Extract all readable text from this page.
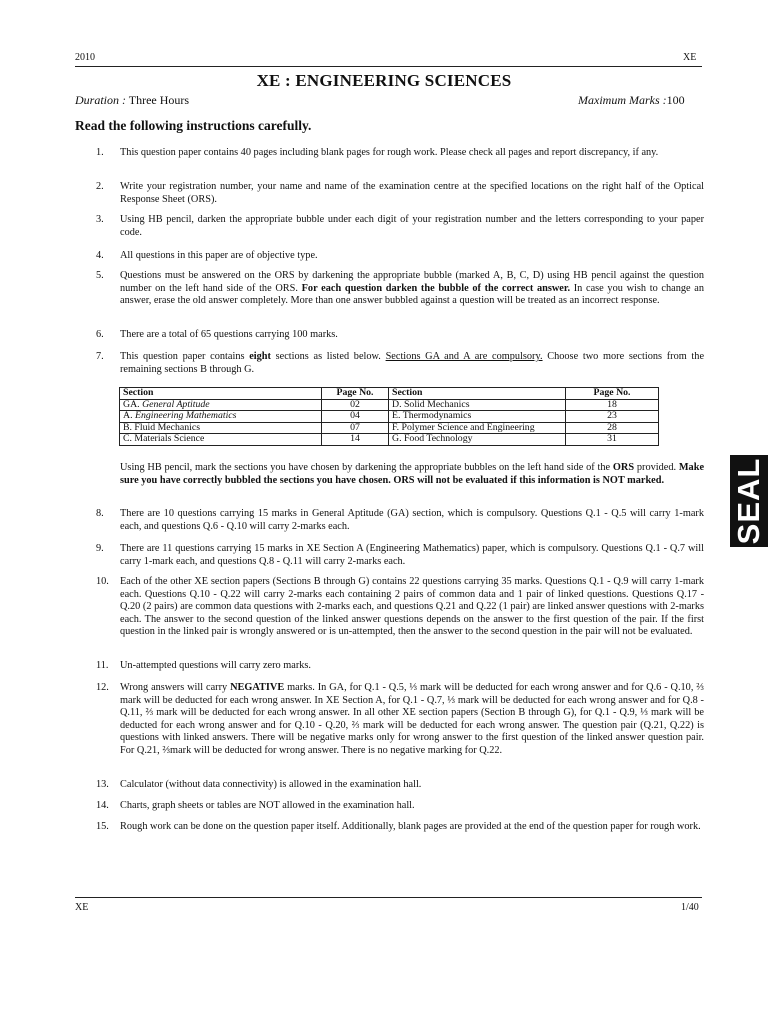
2010	XE
XE : ENGINEERING SCIENCES
Duration : Three Hours	Maximum Marks :100
Read the following instructions carefully.
1. This question paper contains 40 pages including blank pages for rough work. Please check all pages and report discrepancy, if any.
2. Write your registration number, your name and name of the examination centre at the specified locations on the right half of the Optical Response Sheet (ORS).
3. Using HB pencil, darken the appropriate bubble under each digit of your registration number and the letters corresponding to your paper code.
4. All questions in this paper are of objective type.
5. Questions must be answered on the ORS by darkening the appropriate bubble (marked A, B, C, D) using HB pencil against the question number on the left hand side of the ORS. For each question darken the bubble of the correct answer. In case you wish to change an answer, erase the old answer completely. More than one answer bubbled against a question will be treated as an incorrect response.
6. There are a total of 65 questions carrying 100 marks.
7. This question paper contains eight sections as listed below. Sections GA and A are compulsory. Choose two more sections from the remaining sections B through G.
Section	Page No.	Section	Page No.
GA. General Aptitude	02	D. Solid Mechanics	18
A. Engineering Mathematics	04	E. Thermodynamics	23
B. Fluid Mechanics	07	F. Polymer Science and Engineering	28
C. Materials Science	14	G. Food Technology	31
Using HB pencil, mark the sections you have chosen by darkening the appropriate bubbles on the left hand side of the ORS provided. Make sure you have correctly bubbled the sections you have chosen. ORS will not be evaluated if this information is NOT marked.
8. There are 10 questions carrying 15 marks in General Aptitude (GA) section, which is compulsory. Questions Q.1 - Q.5 will carry 1-mark each, and questions Q.6 - Q.10 will carry 2-marks each.
9. There are 11 questions carrying 15 marks in XE Section A (Engineering Mathematics) paper, which is compulsory. Questions Q.1 - Q.7 will carry 1-mark each, and questions Q.8 - Q.11 will carry 2-marks each.
10. Each of the other XE section papers (Sections B through G) contains 22 questions carrying 35 marks. Questions Q.1 - Q.9 will carry 1-mark each. Questions Q.10 - Q.22 will carry 2-marks each containing 2 pairs of common data and 1 pair of linked questions. Questions Q.17 - Q.20 (2 pairs) are common data questions with 2-marks each, and questions Q.21 and Q.22 (1 pair) are linked answer questions with 2-marks each. The answer to the second question of the linked answer questions depends on the answer to the first question of the pair. If the first question in the linked pair is wrongly answered or is un-attempted, then the answer to the second question in the pair will not be evaluated.
11. Un-attempted questions will carry zero marks.
12. Wrong answers will carry NEGATIVE marks. In GA, for Q.1 - Q.5, ⅓ mark will be deducted for each wrong answer and for Q.6 - Q.10, ⅔ mark will be deducted for each wrong answer. In XE Section A, for Q.1 - Q.7, ⅓ mark will be deducted for each wrong answer and for Q.8 - Q.11, ⅔ mark will be deducted for each wrong answer. In all other XE section papers (Section B through G), for Q.1 - Q.9, ⅓ mark will be deducted for each wrong answer and for Q.10 - Q.20, ⅔ mark will be deducted for each wrong answer. The question pair (Q.21, Q.22) is questions with linked answers. There will be negative marks only for wrong answer to the first question of the linked answer question pair. For Q.21, ⅔mark will be deducted for wrong answer. There is no negative marking for Q.22.
13. Calculator (without data connectivity) is allowed in the examination hall.
14. Charts, graph sheets or tables are NOT allowed in the examination hall.
15. Rough work can be done on the question paper itself. Additionally, blank pages are provided at the end of the question paper for rough work.
SEAL
XE	1/40
